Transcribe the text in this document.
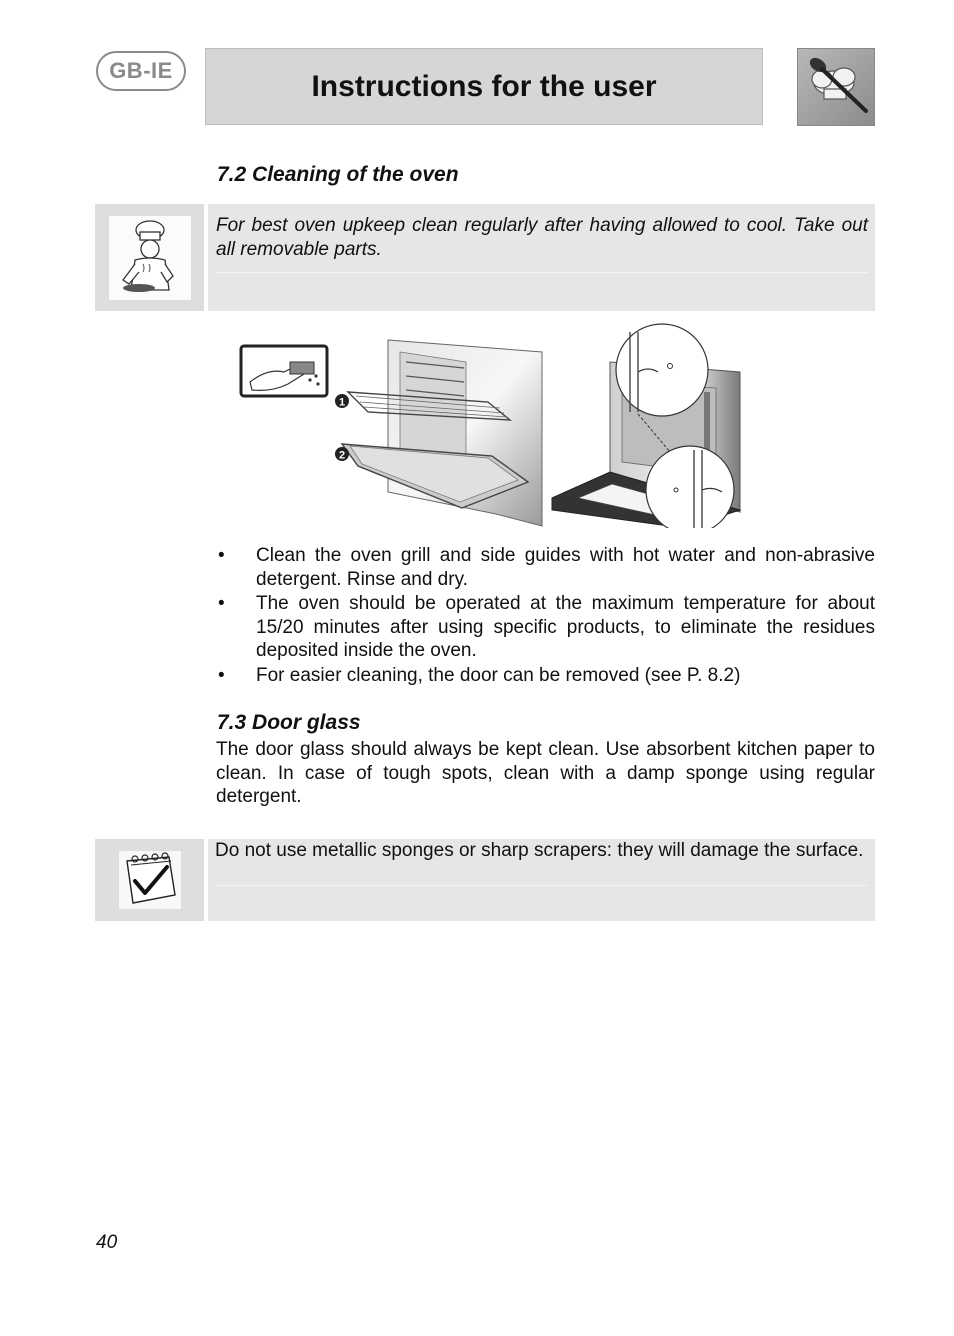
GB-IE	Instructions for the user
7.2 Cleaning of the oven
For best oven upkeep clean regularly after having allowed to cool. Take out all removable parts.
1
2
• Clean the oven grill and side guides with hot water and non-abrasive detergent. Rinse and dry.
• The oven should be operated at the maximum temperature for about 15/20 minutes after using specific products, to eliminate the residues deposited inside the oven.
• For easier cleaning, the door can be removed (see P. 8.2)
7.3 Door glass
The door glass should always be kept clean. Use absorbent kitchen paper to clean. In case of tough spots, clean with a damp sponge using regular detergent.
Do not use metallic sponges or sharp scrapers: they will damage the surface.
40
